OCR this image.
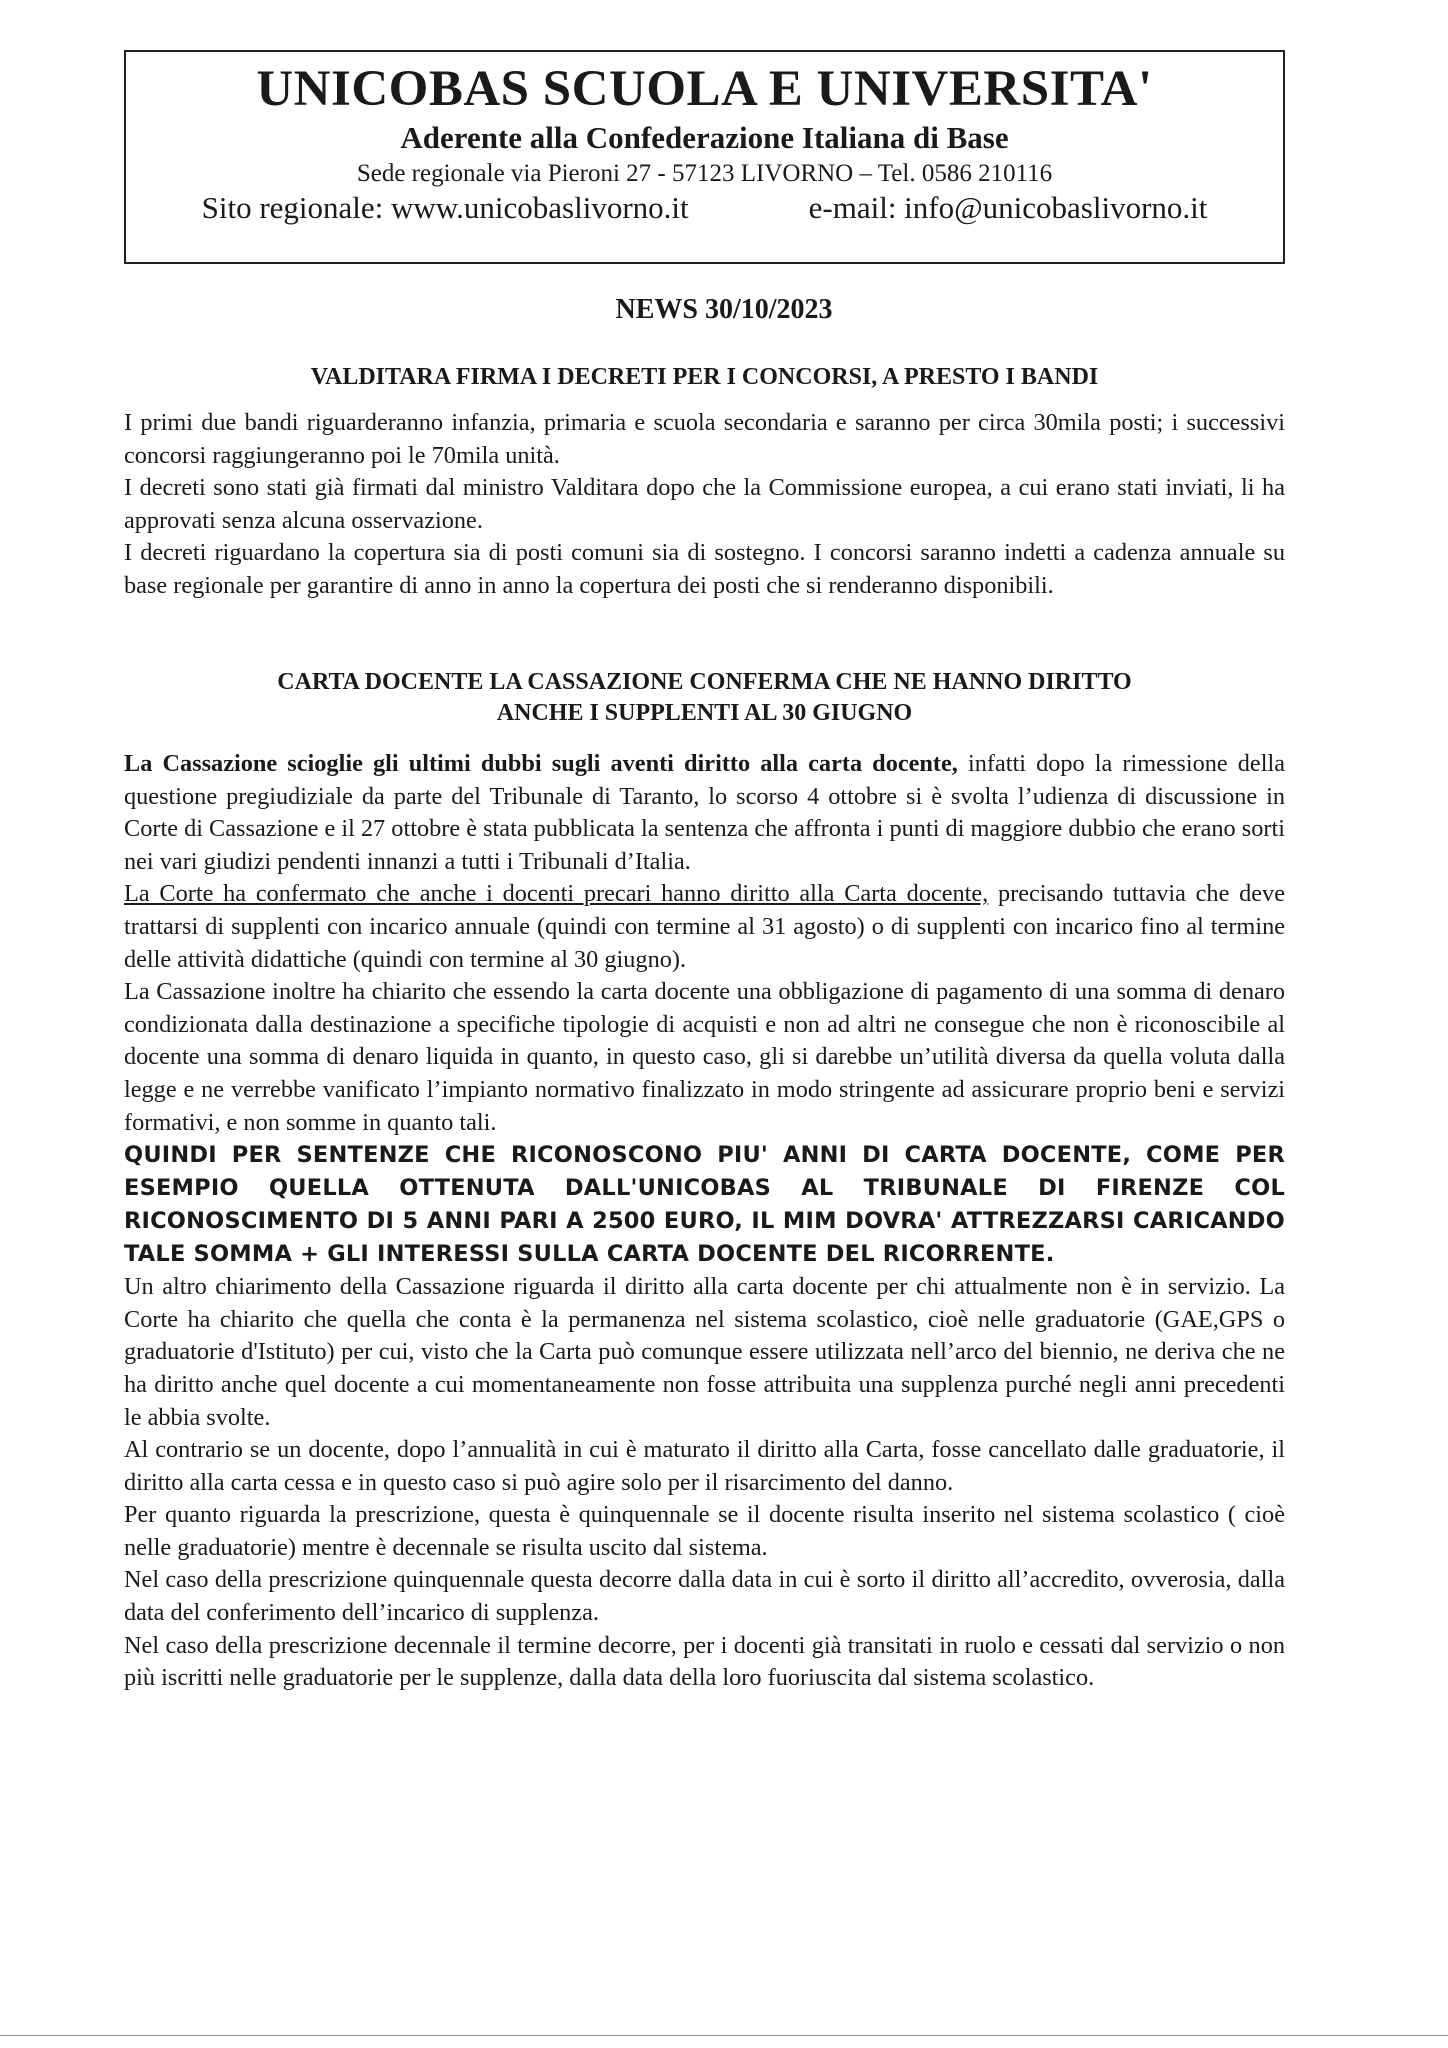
UNICOBAS SCUOLA E UNIVERSITA'
Aderente alla Confederazione Italiana di Base
Sede regionale via Pieroni 27 - 57123 LIVORNO – Tel. 0586 210116
Sito regionale: www.unicobaslivorno.it	e-mail: info@unicobaslivorno.it
NEWS 30/10/2023
VALDITARA FIRMA I DECRETI PER I CONCORSI, A PRESTO I BANDI

I primi due bandi riguarderanno infanzia, primaria e scuola secondaria e saranno per circa 30mila posti; i successivi concorsi raggiungeranno poi le 70mila unità.

I decreti sono stati già firmati dal ministro Valditara dopo che la Commissione europea, a cui erano stati inviati, li ha approvati senza alcuna osservazione.

I decreti riguardano la copertura sia di posti comuni sia di sostegno. I concorsi saranno indetti a cadenza annuale su base regionale per garantire di anno in anno la copertura dei posti che si renderanno disponibili.

CARTA DOCENTE LA CASSAZIONE CONFERMA CHE NE HANNO DIRITTO
ANCHE I SUPPLENTI AL 30 GIUGNO

La Cassazione scioglie gli ultimi dubbi sugli aventi diritto alla carta docente, infatti dopo la rimessione della questione pregiudiziale da parte del Tribunale di Taranto, lo scorso 4 ottobre si è svolta l’udienza di discussione in Corte di Cassazione e il 27 ottobre è stata pubblicata la sentenza che affronta i punti di maggiore dubbio che erano sorti nei vari giudizi pendenti innanzi a tutti i Tribunali d’Italia.

La Corte ha confermato che anche i docenti precari hanno diritto alla Carta docente, precisando tuttavia che deve trattarsi di supplenti con incarico annuale (quindi con termine al 31 agosto) o di supplenti con incarico fino al termine delle attività didattiche (quindi con termine al 30 giugno).

La Cassazione inoltre ha chiarito che essendo la carta docente una obbligazione di pagamento di una somma di denaro condizionata dalla destinazione a specifiche tipologie di acquisti e non ad altri ne consegue che non è riconoscibile al docente una somma di denaro liquida in quanto, in questo caso, gli si darebbe un’utilità diversa da quella voluta dalla legge e ne verrebbe vanificato l’impianto normativo finalizzato in modo stringente ad assicurare proprio beni e servizi formativi, e non somme in quanto tali.

QUINDI PER SENTENZE CHE RICONOSCONO PIU' ANNI DI CARTA DOCENTE, COME PER ESEMPIO QUELLA OTTENUTA DALL'UNICOBAS AL TRIBUNALE DI FIRENZE COL RICONOSCIMENTO DI 5 ANNI PARI A 2500 EURO, IL MIM DOVRA' ATTREZZARSI CARICANDO TALE SOMMA + GLI INTERESSI SULLA CARTA DOCENTE DEL RICORRENTE.

Un altro chiarimento della Cassazione riguarda il diritto alla carta docente per chi attualmente non è in servizio. La Corte ha chiarito che quella che conta è la permanenza nel sistema scolastico, cioè nelle graduatorie (GAE,GPS o graduatorie d'Istituto) per cui, visto che la Carta può comunque essere utilizzata nell’arco del biennio, ne deriva che ne ha diritto anche quel docente a cui momentaneamente non fosse attribuita una supplenza purché negli anni precedenti le abbia svolte.

Al contrario se un docente, dopo l’annualità in cui è maturato il diritto alla Carta, fosse cancellato dalle graduatorie, il diritto alla carta cessa e in questo caso si può agire solo per il risarcimento del danno.

Per quanto riguarda la prescrizione, questa è quinquennale se il docente risulta inserito nel sistema scolastico ( cioè nelle graduatorie) mentre è decennale se risulta uscito dal sistema.

Nel caso della prescrizione quinquennale questa decorre dalla data in cui è sorto il diritto all’accredito, ovverosia, dalla data del conferimento dell’incarico di supplenza.

Nel caso della prescrizione decennale il termine decorre, per i docenti già transitati in ruolo e cessati dal servizio o non più iscritti nelle graduatorie per le supplenze, dalla data della loro fuoriuscita dal sistema scolastico.
